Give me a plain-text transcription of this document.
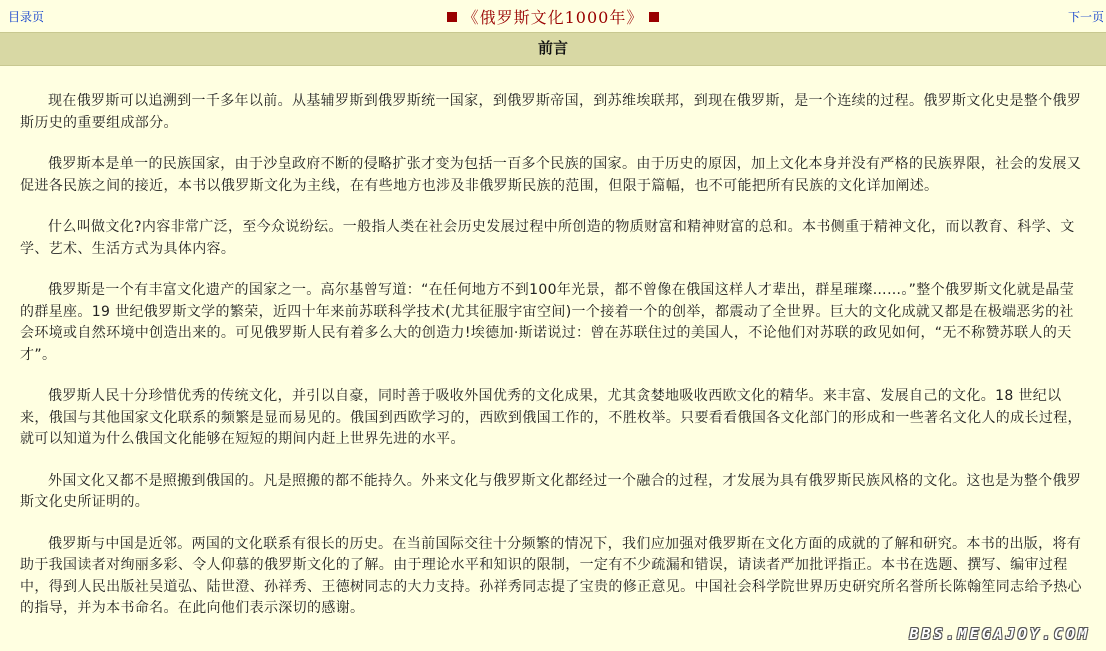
目录页	《俄罗斯文化1000年》	下一页
前言

现在俄罗斯可以追溯到一千多年以前。从基辅罗斯到俄罗斯统一国家，到俄罗斯帝国，到苏维埃联邦，到现在俄罗斯，是一个连续的过程。俄罗斯文化史是整个俄罗斯历史的重要组成部分。

俄罗斯本是单一的民族国家，由于沙皇政府不断的侵略扩张才变为包括一百多个民族的国家。由于历史的原因，加上文化本身并没有严格的民族界限，社会的发展又促进各民族之间的接近，本书以俄罗斯文化为主线，在有些地方也涉及非俄罗斯民族的范围，但限于篇幅，也不可能把所有民族的文化详加阐述。

什么叫做文化?内容非常广泛，至今众说纷纭。一般指人类在社会历史发展过程中所创造的物质财富和精神财富的总和。本书侧重于精神文化，而以教育、科学、文学、艺术、生活方式为具体内容。

俄罗斯是一个有丰富文化遗产的国家之一。高尔基曾写道：“在任何地方不到100年光景，都不曾像在俄国这样人才辈出，群星璀璨……。”整个俄罗斯文化就是晶莹的群星座。19 世纪俄罗斯文学的繁荣，近四十年来前苏联科学技术(尤其征服宇宙空间)一个接着一个的创举，都震动了全世界。巨大的文化成就又都是在极端恶劣的社会环境或自然环境中创造出来的。可见俄罗斯人民有着多么大的创造力!埃德加·斯诺说过：曾在苏联住过的美国人，不论他们对苏联的政见如何，“无不称赞苏联人的天才”。

俄罗斯人民十分珍惜优秀的传统文化，并引以自豪，同时善于吸收外国优秀的文化成果，尤其贪婪地吸收西欧文化的精华。来丰富、发展自己的文化。18 世纪以来，俄国与其他国家文化联系的频繁是显而易见的。俄国到西欧学习的，西欧到俄国工作的，不胜枚举。只要看看俄国各文化部门的形成和一些著名文化人的成长过程，就可以知道为什么俄国文化能够在短短的期间内赶上世界先进的水平。

外国文化又都不是照搬到俄国的。凡是照搬的都不能持久。外来文化与俄罗斯文化都经过一个融合的过程，才发展为具有俄罗斯民族风格的文化。这也是为整个俄罗斯文化史所证明的。

俄罗斯与中国是近邻。两国的文化联系有很长的历史。在当前国际交往十分频繁的情况下，我们应加强对俄罗斯在文化方面的成就的了解和研究。本书的出版，将有助于我国读者对绚丽多彩、令人仰慕的俄罗斯文化的了解。由于理论水平和知识的限制，一定有不少疏漏和错误，请读者严加批评指正。本书在选题、撰写、编审过程中，得到人民出版社吴道弘、陆世澄、孙祥秀、王德树同志的大力支持。孙祥秀同志提了宝贵的修正意见。中国社会科学院世界历史研究所名誉所长陈翰笙同志给予热心的指导，并为本书命名。在此向他们表示深切的感谢。

BBS.MEGAJOY.COM
